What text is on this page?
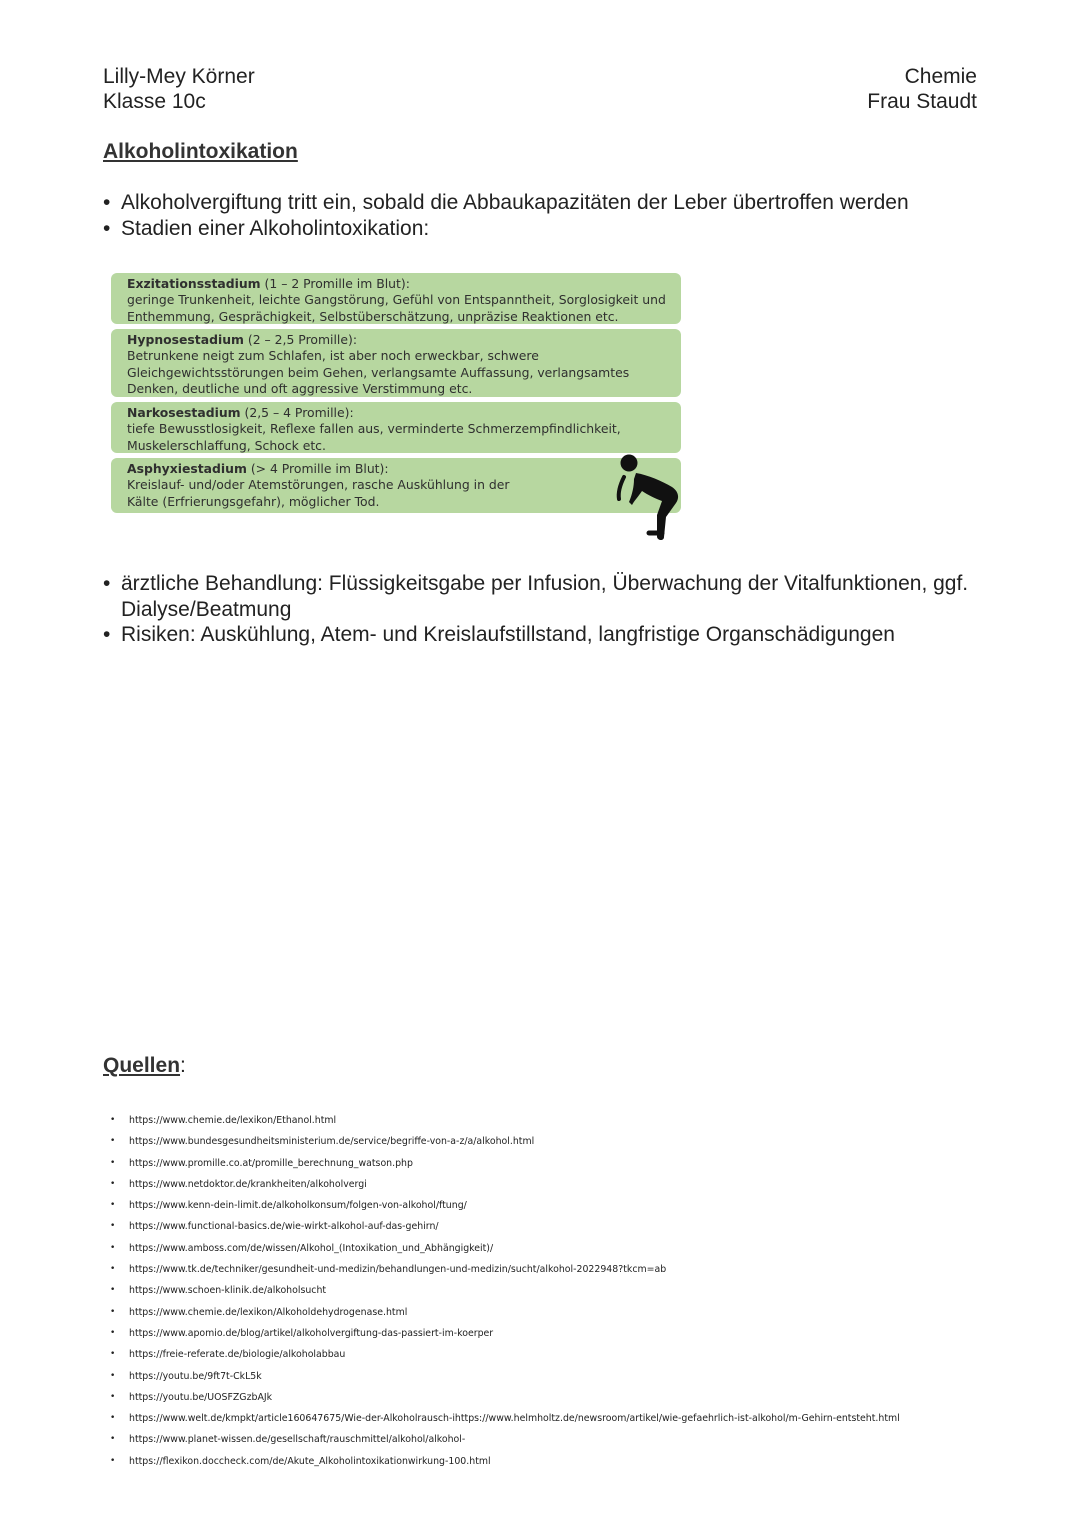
Lilly-Mey Körner
Klasse 10c
Chemie
Frau Staudt
Alkoholintoxikation
• Alkoholvergiftung tritt ein, sobald die Abbaukapazitäten der Leber übertroffen werden
• Stadien einer Alkoholintoxikation:
Exzitationsstadium (1 – 2 Promille im Blut):
geringe Trunkenheit, leichte Gangstörung, Gefühl von Entspanntheit, Sorglosigkeit und Enthemmung, Gesprächigkeit, Selbstüberschätzung, unpräzise Reaktionen etc.
Hypnosestadium (2 – 2,5 Promille):
Betrunkene neigt zum Schlafen, ist aber noch erweckbar, schwere Gleichgewichtsstörungen beim Gehen, verlangsamte Auffassung, verlangsamtes Denken, deutliche und oft aggressive Verstimmung etc.
Narkosestadium (2,5 – 4 Promille):
tiefe Bewusstlosigkeit, Reflexe fallen aus, verminderte Schmerzempfindlichkeit, Muskelerschlaffung, Schock etc.
Asphyxiestadium (> 4 Promille im Blut):
Kreislauf- und/oder Atemstörungen, rasche Auskühlung in der Kälte (Erfrierungsgefahr), möglicher Tod.
• ärztliche Behandlung: Flüssigkeitsgabe per Infusion, Überwachung der Vitalfunktionen, ggf. Dialyse/Beatmung
• Risiken: Auskühlung, Atem- und Kreislaufstillstand, langfristige Organschädigungen
Quellen:
• https://www.chemie.de/lexikon/Ethanol.html
• https://www.bundesgesundheitsministerium.de/service/begriffe-von-a-z/a/alkohol.html
• https://www.promille.co.at/promille_berechnung_watson.php
• https://www.netdoktor.de/krankheiten/alkoholvergi
• https://www.kenn-dein-limit.de/alkoholkonsum/folgen-von-alkohol/ftung/
• https://www.functional-basics.de/wie-wirkt-alkohol-auf-das-gehirn/
• https://www.amboss.com/de/wissen/Alkohol_(Intoxikation_und_Abhängigkeit)/
• https://www.tk.de/techniker/gesundheit-und-medizin/behandlungen-und-medizin/sucht/alkohol-2022948?tkcm=ab
• https://www.schoen-klinik.de/alkoholsucht
• https://www.chemie.de/lexikon/Alkoholdehydrogenase.html
• https://www.apomio.de/blog/artikel/alkoholvergiftung-das-passiert-im-koerper
• https://freie-referate.de/biologie/alkoholabbau
• https://youtu.be/9ft7t-CkL5k
• https://youtu.be/UOSFZGzbAJk
• https://www.welt.de/kmpkt/article160647675/Wie-der-Alkoholrausch-ihttps://www.helmholtz.de/newsroom/artikel/wie-gefaehrlich-ist-alkohol/m-Gehirn-entsteht.html
• https://www.planet-wissen.de/gesellschaft/rauschmittel/alkohol/alkohol-
• https://flexikon.doccheck.com/de/Akute_Alkoholintoxikationwirkung-100.html
